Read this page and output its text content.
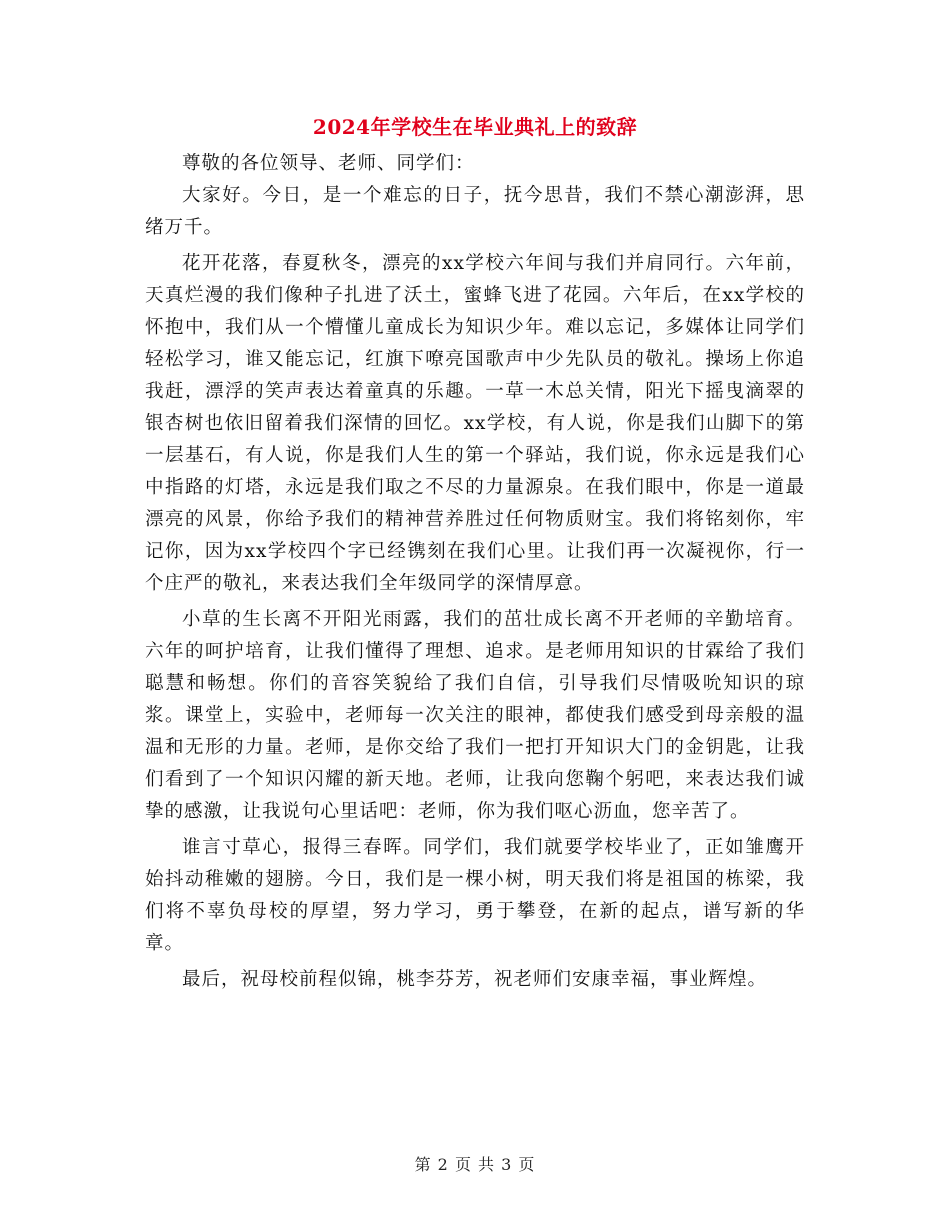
2024年学校生在毕业典礼上的致辞

尊敬的各位领导、老师、同学们：

大家好。今日，是一个难忘的日子，抚今思昔，我们不禁心潮澎湃，思绪万千。

花开花落，春夏秋冬，漂亮的xx学校六年间与我们并肩同行。六年前，天真烂漫的我们像种子扎进了沃土，蜜蜂飞进了花园。六年后，在xx学校的怀抱中，我们从一个懵懂儿童成长为知识少年。难以忘记，多媒体让同学们轻松学习，谁又能忘记，红旗下嘹亮国歌声中少先队员的敬礼。操场上你追我赶，漂浮的笑声表达着童真的乐趣。一草一木总关情，阳光下摇曳滴翠的银杏树也依旧留着我们深情的回忆。xx学校，有人说，你是我们山脚下的第一层基石，有人说，你是我们人生的第一个驿站，我们说，你永远是我们心中指路的灯塔，永远是我们取之不尽的力量源泉。在我们眼中，你是一道最漂亮的风景，你给予我们的精神营养胜过任何物质财宝。我们将铭刻你，牢记你，因为xx学校四个字已经镌刻在我们心里。让我们再一次凝视你，行一个庄严的敬礼，来表达我们全年级同学的深情厚意。

小草的生长离不开阳光雨露，我们的茁壮成长离不开老师的辛勤培育。六年的呵护培育，让我们懂得了理想、追求。是老师用知识的甘霖给了我们聪慧和畅想。你们的音容笑貌给了我们自信，引导我们尽情吸吮知识的琼浆。课堂上，实验中，老师每一次关注的眼神，都使我们感受到母亲般的温温和无形的力量。老师，是你交给了我们一把打开知识大门的金钥匙，让我们看到了一个知识闪耀的新天地。老师，让我向您鞠个躬吧，来表达我们诚挚的感激，让我说句心里话吧：老师，你为我们呕心沥血，您辛苦了。

谁言寸草心，报得三春晖。同学们，我们就要学校毕业了，正如雏鹰开始抖动稚嫩的翅膀。今日，我们是一棵小树，明天我们将是祖国的栋梁，我们将不辜负母校的厚望，努力学习，勇于攀登，在新的起点，谱写新的华章。

最后，祝母校前程似锦，桃李芬芳，祝老师们安康幸福，事业辉煌。

第 2 页 共 3 页
